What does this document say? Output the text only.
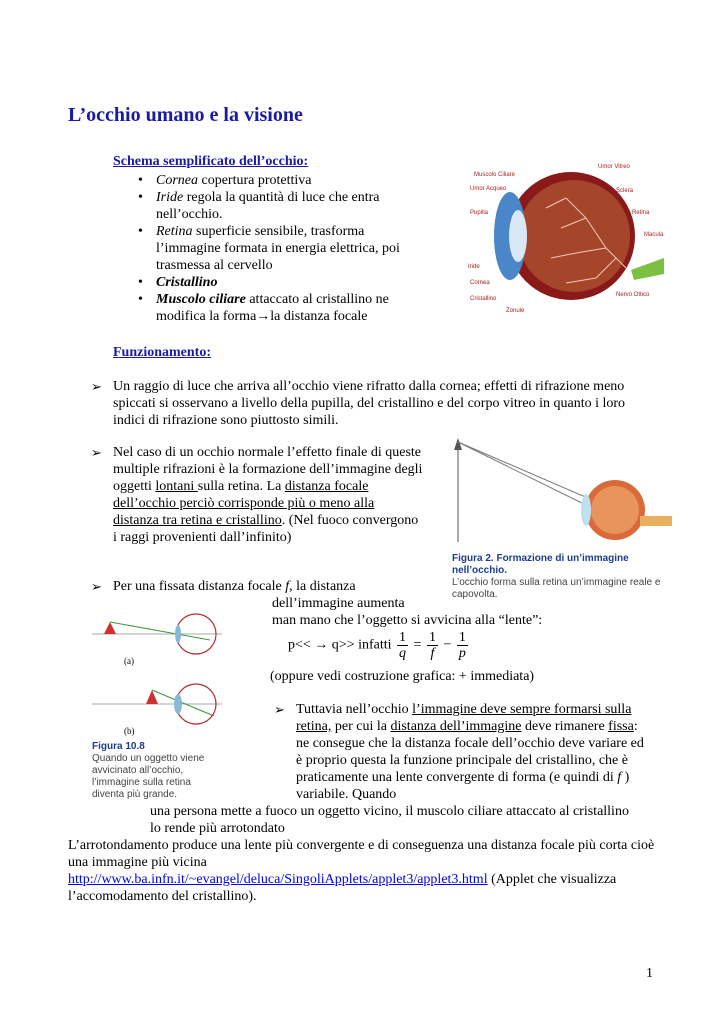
L’occhio umano e la visione
Schema semplificato dell’occhio:
• Cornea copertura protettiva
• Iride regola la quantità di luce che entra nell’occhio.
• Retina superficie sensibile, trasforma l’immagine formata in energia elettrica, poi trasmessa al cervello
• Cristallino
• Muscolo ciliare attaccato al cristallino ne modifica la forma→la distanza focale
Muscolo Ciliare
Umor Acqueo
Pupilla
Iride
Cornea
Cristallino
Zonule
Umor Vitreo
Sclera
Retina
Macula
Nervo Ottico
Funzionamento:
➢ Un raggio di luce che arriva all’occhio viene rifratto dalla cornea; effetti di rifrazione meno spiccati si osservano a livello della pupilla, del cristallino e del corpo vitreo in quanto i loro indici di rifrazione sono piuttosto simili.
➢ Nel caso di un occhio normale l’effetto finale di queste multiple rifrazioni è la formazione dell’immagine degli oggetti lontani sulla retina. La distanza focale dell’occhio perciò corrisponde più o meno alla distanza tra retina e cristallino. (Nel fuoco convergono i raggi provenienti dall’infinito)
Figura 2. Formazione di un’immagine nell’occhio.
L’occhio forma sulla retina un’immagine reale e capovolta.
➢ Per una fissata distanza focale f, la distanza
dell’immagine aumenta
man mano che l’oggetto si avvicina alla “lente”:
p<< → q>> infatti $\frac{1}{q} = \frac{1}{f} - \frac{1}{p}$
(oppure vedi costruzione grafica: + immediata)
(a)
(b)
Figura 10.8
Quando un oggetto viene avvicinato all’occhio, l’immagine sulla retina diventa più grande.
➢ Tuttavia nell’occhio l’immagine deve sempre formarsi sulla retina, per cui la distanza dell’immagine deve rimanere fissa: ne consegue che la distanza focale dell’occhio deve variare ed è proprio questa la funzione principale del cristallino, che è praticamente una lente convergente di forma (e quindi di f ) variabile. Quando
una persona mette a fuoco un oggetto vicino, il muscolo ciliare attaccato al cristallino
lo rende più arrotondato
L’arrotondamento produce una lente più convergente e di conseguenza una distanza focale più corta cioè una immagine più vicina
http://www.ba.infn.it/~evangel/deluca/SingoliApplets/applet3/applet3.html (Applet che visualizza l’accomodamento del cristallino).
1
